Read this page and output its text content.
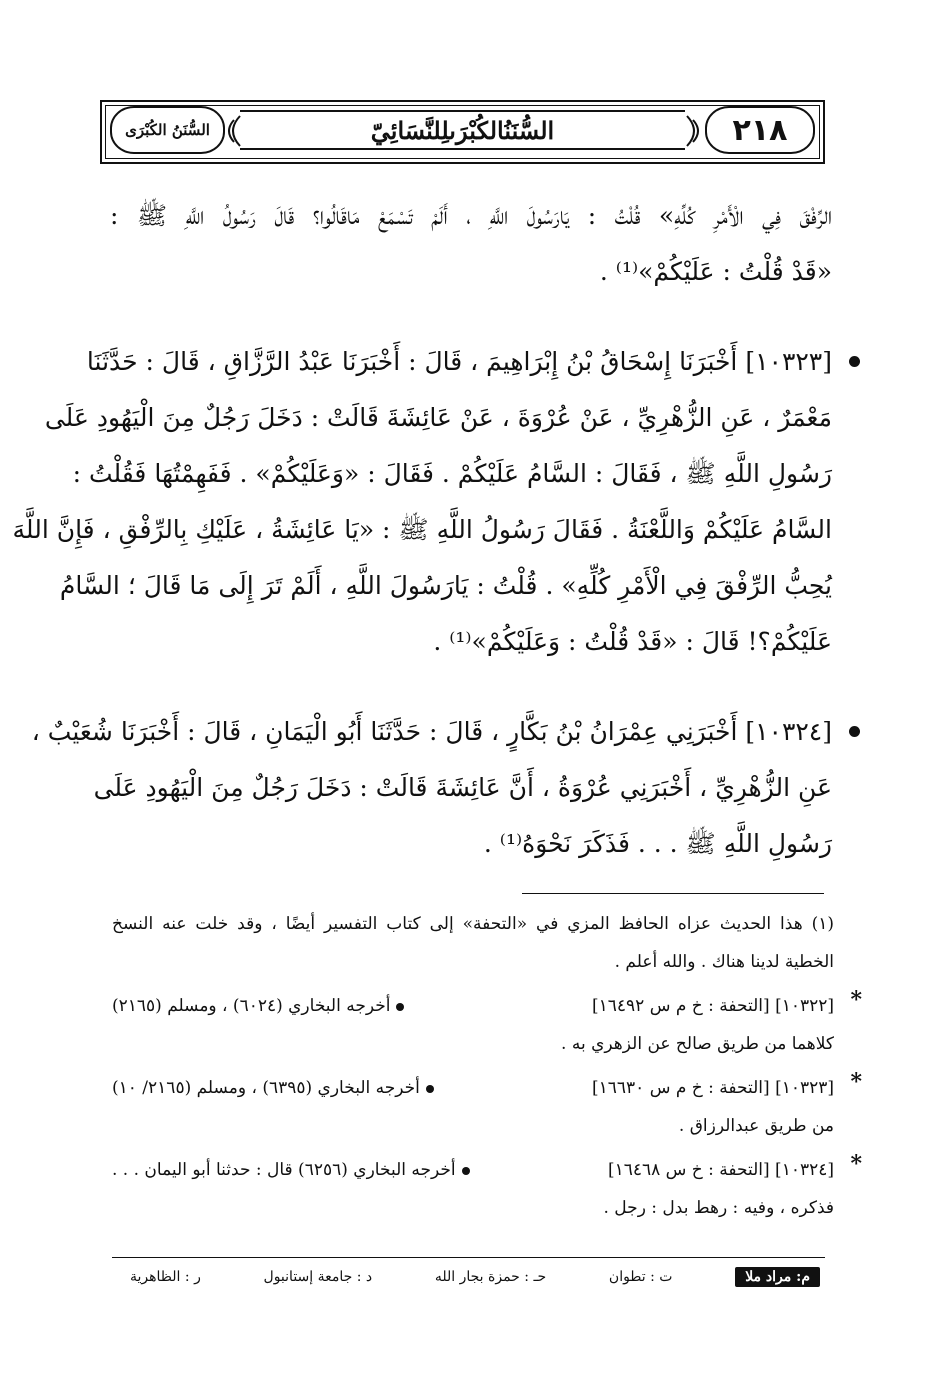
٢١٨
السُّنَنُالكُبْرَىلِلنَّسَائِيّ
السُّنَنُ الكُبْرَى
الرِّفْقَ فِي الْأَمْرِ كُلِّهِ» قُلْتُ : يَارَسُولَ اللَّهِ ، أَلَمْ تَسْمَعْ مَاقَالُوا؟ قَالَ رَسُولُ اللَّهِ ﷺ :
«قَدْ قُلْتُ : عَلَيْكُمْ»⁽¹⁾ .
[١٠٣٢٣] أَخْبَرَنَا إِسْحَاقُ بْنُ إِبْرَاهِيمَ ، قَالَ : أَخْبَرَنَا عَبْدُ الرَّزَّاقِ ، قَالَ : حَدَّثَنَا
مَعْمَرٌ ، عَنِ الزُّهْرِيِّ ، عَنْ عُرْوَةَ ، عَنْ عَائِشَةَ قَالَتْ : دَخَلَ رَجُلٌ مِنَ الْيَهُودِ عَلَى
رَسُولِ اللَّهِ ﷺ ، فَقَالَ : السَّامُ عَلَيْكُمْ . فَقَالَ : «وَعَلَيْكُمْ» . فَفَهِمْتُهَا فَقُلْتُ :
السَّامُ عَلَيْكُمْ وَاللَّعْنَةُ . فَقَالَ رَسُولُ اللَّهِ ﷺ : «يَا عَائِشَةُ ، عَلَيْكِ بِالرِّفْقِ ، فَإِنَّ اللَّهَ
يُحِبُّ الرِّفْقَ فِي الْأَمْرِ كُلِّهِ» . قُلْتُ : يَارَسُولَ اللَّهِ ، أَلَمْ تَرَ إِلَى مَا قَالَ ؛ السَّامُ
عَلَيْكُمْ؟! قَالَ : «قَدْ قُلْتُ : وَعَلَيْكُمْ»⁽¹⁾ .
[١٠٣٢٤] أَخْبَرَنِي عِمْرَانُ بْنُ بَكَّارٍ ، قَالَ : حَدَّثَنَا أَبُو الْيَمَانِ ، قَالَ : أَخْبَرَنَا شُعَيْبٌ ،
عَنِ الزُّهْرِيِّ ، أَخْبَرَنِي عُرْوَةُ ، أَنَّ عَائِشَةَ قَالَتْ : دَخَلَ رَجُلٌ مِنَ الْيَهُودِ عَلَى
رَسُولِ اللَّهِ ﷺ . . . فَذَكَرَ نَحْوَهُ⁽¹⁾ .
(١) هذا الحديث عزاه الحافظ المزي في «التحفة» إلى كتاب التفسير أيضًا ، وقد خلت عنه النسخ
الخطية لدينا هناك . والله أعلم .
*
[١٠٣٢٢] [التحفة : خ م س ١٦٤٩٢]
أخرجه البخاري (٦٠٢٤) ، ومسلم (٢١٦٥)
كلاهما من طريق صالح عن الزهري به .
*
[١٠٣٢٣] [التحفة : خ م س ١٦٦٣٠]
أخرجه البخاري (٦٣٩٥) ، ومسلم (٢١٦٥/ ١٠)
من طريق عبدالرزاق .
*
[١٠٣٢٤] [التحفة : خ س ١٦٤٦٨]
أخرجه البخاري (٦٢٥٦) قال : حدثنا أبو اليمان . . .
فذكره ، وفيه : رهط بدل : رجل .
م: مراد ملا
ت : تطوان
حـ : حمزة بجار الله
د : جامعة إستانبول
ر : الظاهرية
